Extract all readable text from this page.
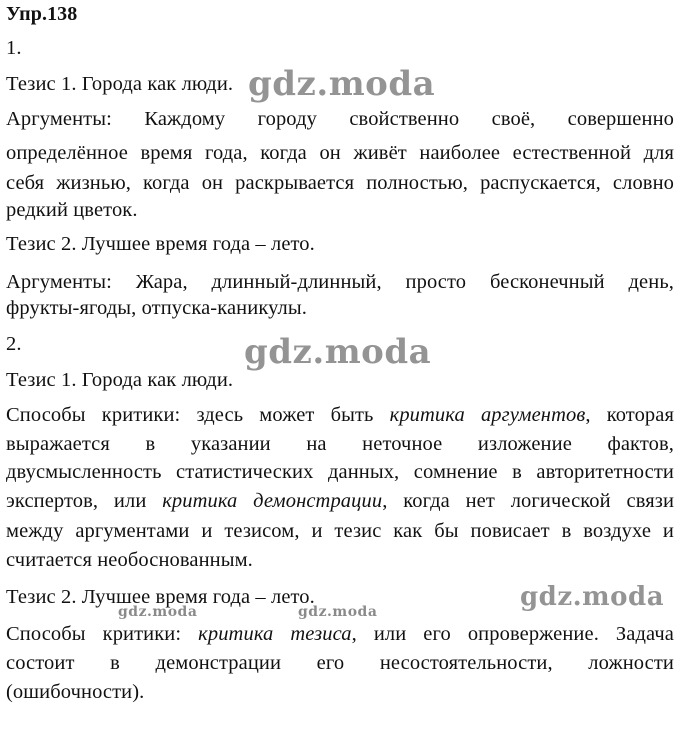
Упр.138
1.
Тезис 1. Города как люди.
Аргументы: Каждому городу свойственно своё, совершенно
определённое время года, когда он живёт наиболее естественной для
себя жизнью, когда он раскрывается полностью, распускается, словно
редкий цветок.
Тезис 2. Лучшее время года – лето.
Аргументы: Жара, длинный-длинный, просто бесконечный день,
фрукты-ягоды, отпуска-каникулы.
2.
Тезис 1. Города как люди.
Способы критики: здесь может быть критика аргументов, которая
выражается в указании на неточное изложение фактов,
двусмысленность статистических данных, сомнение в авторитетности
экспертов, или критика демонстрации, когда нет логической связи
между аргументами и тезисом, и тезис как бы повисает в воздухе и
считается необоснованным.
Тезис 2. Лучшее время года – лето.
Способы критики: критика тезиса, или его опровержение. Задача
состоит в демонстрации его несостоятельности, ложности
(ошибочности).
gdz.moda
gdz.moda
gdz.moda
gdz.moda	gdz.moda
